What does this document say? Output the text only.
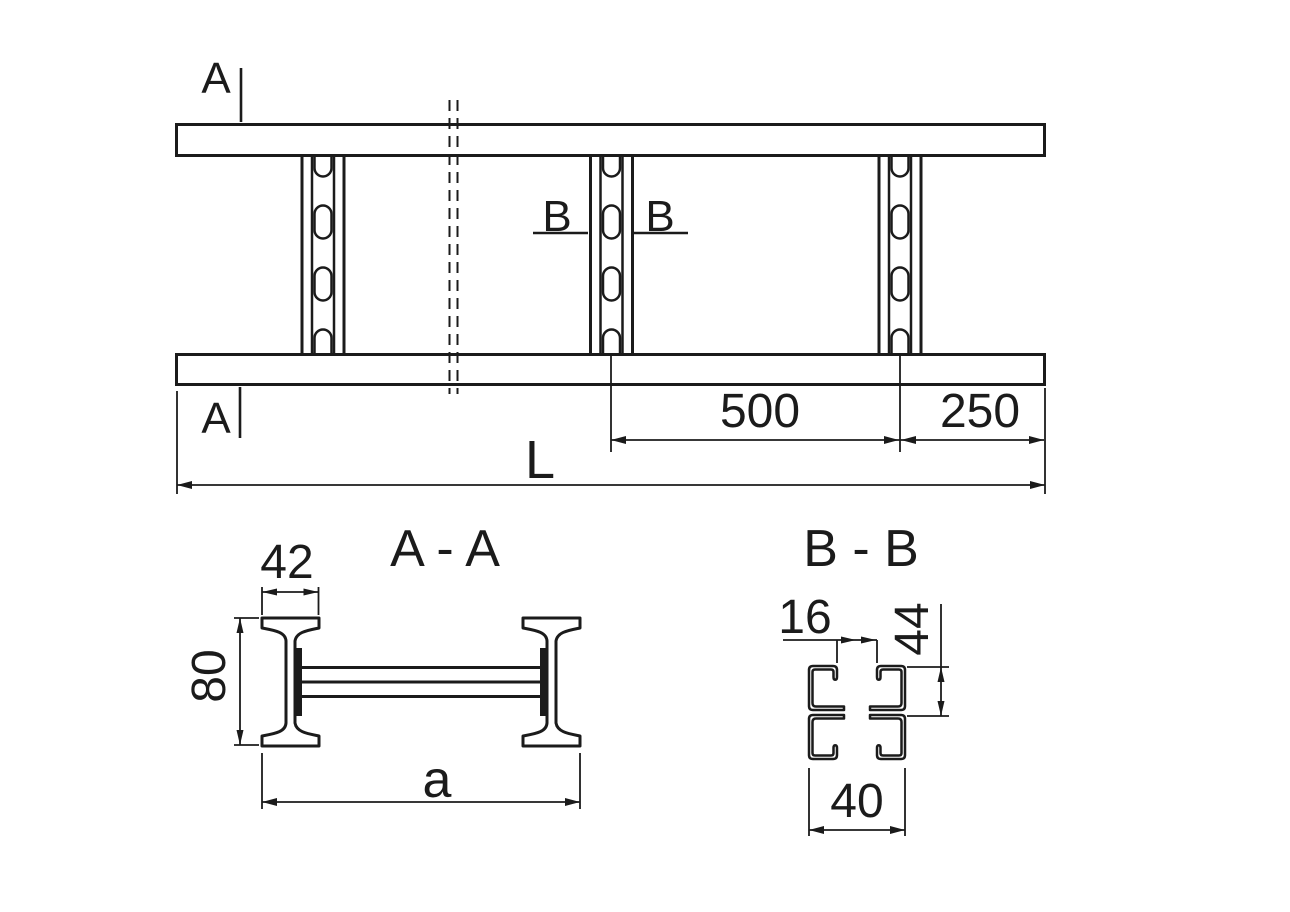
A
A
B B
500	250
L
A - A
42
80
a
B - B
16 44
40
